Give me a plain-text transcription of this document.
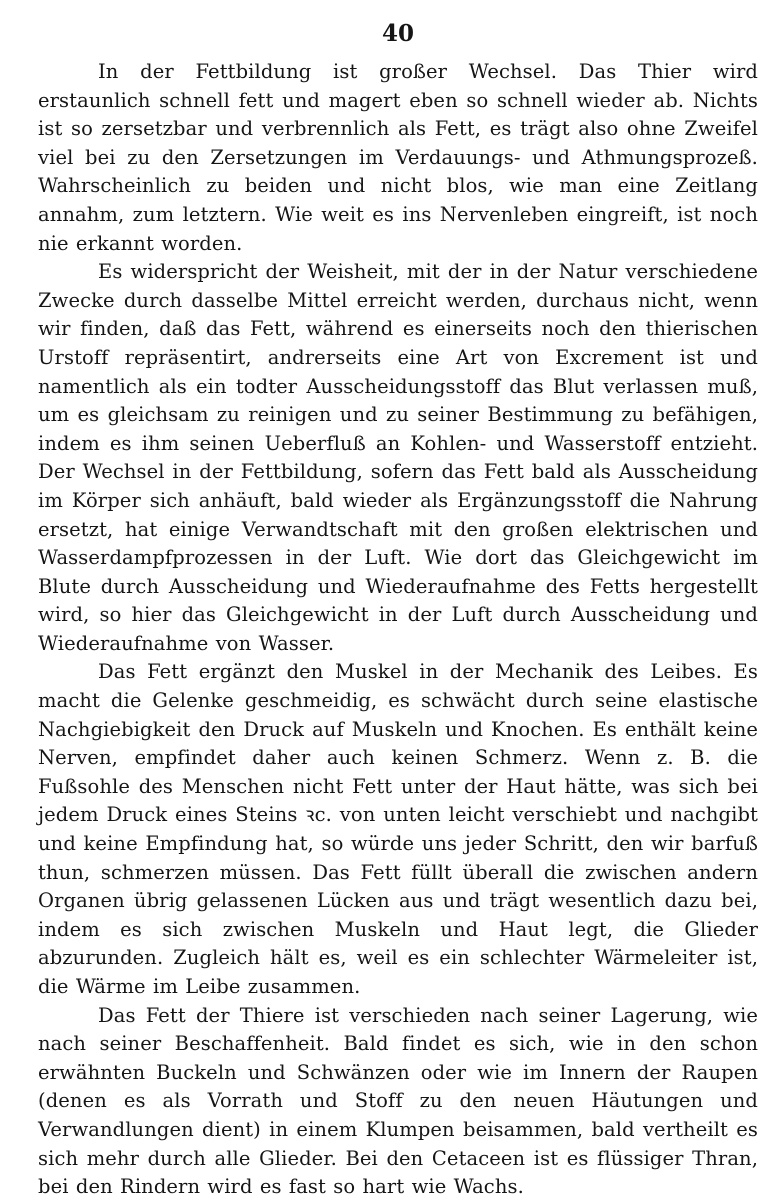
40

In der Fettbildung ist großer Wechsel. Das Thier wird erstaunlich schnell fett und magert eben so schnell wieder ab. Nichts ist so zersetzbar und verbrennlich als Fett, es trägt also ohne Zweifel viel bei zu den Zersetzungen im Verdauungs- und Athmungsprozeß. Wahrscheinlich zu beiden und nicht blos, wie man eine Zeitlang annahm, zum letztern. Wie weit es ins Nervenleben eingreift, ist noch nie erkannt worden.

Es widerspricht der Weisheit, mit der in der Natur verschiedene Zwecke durch dasselbe Mittel erreicht werden, durchaus nicht, wenn wir finden, daß das Fett, während es einerseits noch den thierischen Urstoff repräsentirt, andrerseits eine Art von Excrement ist und namentlich als ein todter Ausscheidungsstoff das Blut verlassen muß, um es gleichsam zu reinigen und zu seiner Bestimmung zu befähigen, indem es ihm seinen Ueberfluß an Kohlen- und Wasserstoff entzieht. Der Wechsel in der Fettbildung, sofern das Fett bald als Ausscheidung im Körper sich anhäuft, bald wieder als Ergänzungsstoff die Nahrung ersetzt, hat einige Verwandtschaft mit den großen elektrischen und Wasserdampfprozessen in der Luft. Wie dort das Gleichgewicht im Blute durch Ausscheidung und Wiederaufnahme des Fetts hergestellt wird, so hier das Gleichgewicht in der Luft durch Ausscheidung und Wiederaufnahme von Wasser.

Das Fett ergänzt den Muskel in der Mechanik des Leibes. Es macht die Gelenke geschmeidig, es schwächt durch seine elastische Nachgiebigkeit den Druck auf Muskeln und Knochen. Es enthält keine Nerven, empfindet daher auch keinen Schmerz. Wenn z. B. die Fußsohle des Menschen nicht Fett unter der Haut hätte, was sich bei jedem Druck eines Steins ꝛc. von unten leicht verschiebt und nachgibt und keine Empfindung hat, so würde uns jeder Schritt, den wir barfuß thun, schmerzen müssen. Das Fett füllt überall die zwischen andern Organen übrig gelassenen Lücken aus und trägt wesentlich dazu bei, indem es sich zwischen Muskeln und Haut legt, die Glieder abzurunden. Zugleich hält es, weil es ein schlechter Wärmeleiter ist, die Wärme im Leibe zusammen.

Das Fett der Thiere ist verschieden nach seiner Lagerung, wie nach seiner Beschaffenheit. Bald findet es sich, wie in den schon erwähnten Buckeln und Schwänzen oder wie im Innern der Raupen (denen es als Vorrath und Stoff zu den neuen Häutungen und Verwandlungen dient) in einem Klumpen beisammen, bald vertheilt es sich mehr durch alle Glieder. Bei den Cetaceen ist es flüssiger Thran, bei den Rindern wird es fast so hart wie Wachs.
